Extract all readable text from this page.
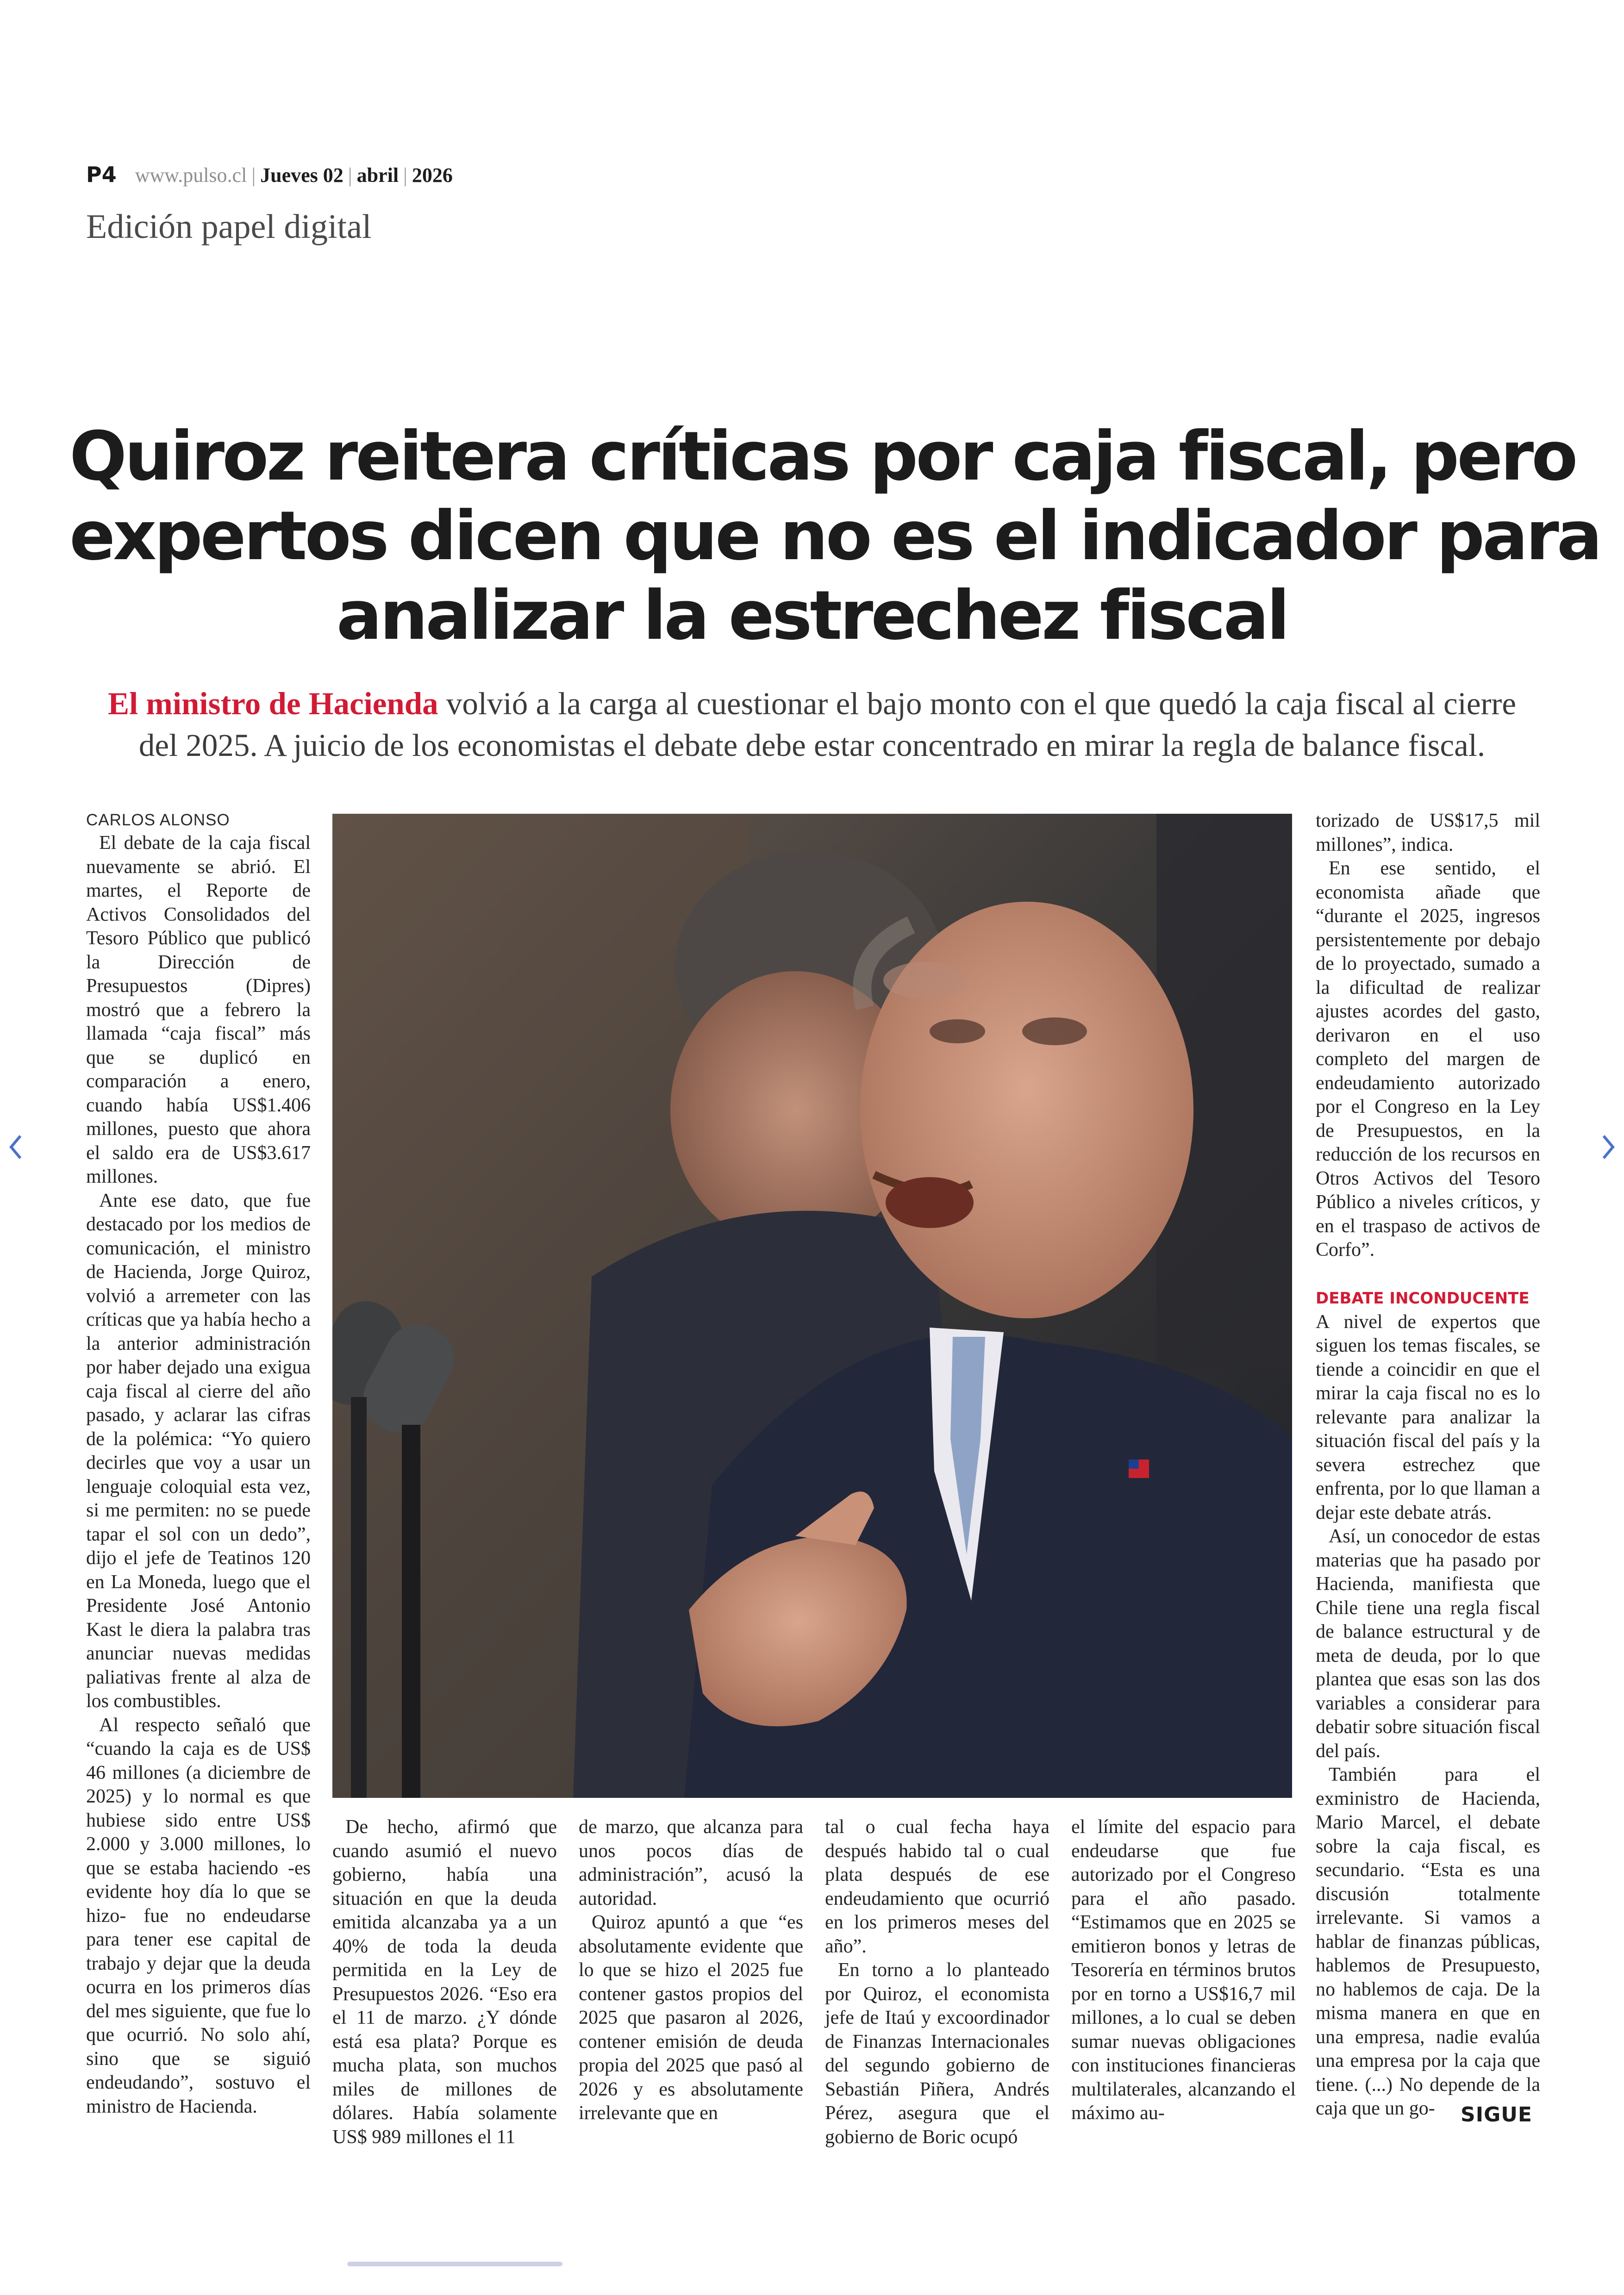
P4 www.pulso.cl | Jueves 02 | abril | 2026
Edición papel digital
Quiroz reitera críticas por caja fiscal, pero
expertos dicen que no es el indicador para
analizar la estrechez fiscal
El ministro de Hacienda volvió a la carga al cuestionar el bajo monto con el que quedó la caja fiscal al cierre
del 2025. A juicio de los economistas el debate debe estar concentrado en mirar la regla de balance fiscal.
CARLOS ALONSO

El debate de la caja fiscal nuevamente se abrió. El martes, el Reporte de Activos Consolidados del Tesoro Público que publicó la Dirección de Presupuestos (Dipres) mostró que a febrero la llamada “caja fiscal” más que se duplicó en comparación a enero, cuando había US$1.406 millones, puesto que ahora el saldo era de US$3.617 millones.

Ante ese dato, que fue destacado por los medios de comunicación, el ministro de Hacienda, Jorge Quiroz, volvió a arremeter con las críticas que ya había hecho a la anterior administración por haber dejado una exigua caja fiscal al cierre del año pasado, y aclarar las cifras de la polémica: “Yo quiero decirles que voy a usar un lenguaje coloquial esta vez, si me permiten: no se puede tapar el sol con un dedo”, dijo el jefe de Teatinos 120 en La Moneda, luego que el Presidente José Antonio Kast le diera la palabra tras anunciar nuevas medidas paliativas frente al alza de los combustibles.

Al respecto señaló que “cuando la caja es de US$ 46 millones (a diciembre de 2025) y lo normal es que hubiese sido entre US$ 2.000 y 3.000 millones, lo que se estaba haciendo -es evidente hoy día lo que se hizo- fue no endeudarse para tener ese capital de trabajo y dejar que la deuda ocurra en los primeros días del mes siguiente, que fue lo que ocurrió. No solo ahí, sino que se siguió endeudando”, sostuvo el ministro de Hacienda.

De hecho, afirmó que cuando asumió el nuevo gobierno, había una situación en que la deuda emitida alcanzaba ya a un 40% de toda la deuda permitida en la Ley de Presupuestos 2026. “Eso era el 11 de marzo. ¿Y dónde está esa plata? Porque es mucha plata, son muchos miles de millones de dólares. Había solamente US$ 989 millones el 11

de marzo, que alcanza para unos pocos días de administración”, acusó la autoridad.

Quiroz apuntó a que “es absolutamente evidente que lo que se hizo el 2025 fue contener gastos propios del 2025 que pasaron al 2026, contener emisión de deuda propia del 2025 que pasó al 2026 y es absolutamente irrelevante que en

tal o cual fecha haya después habido tal o cual plata después de ese endeudamiento que ocurrió en los primeros meses del año”.

En torno a lo planteado por Quiroz, el economista jefe de Itaú y excoordinador de Finanzas Internacionales del segundo gobierno de Sebastián Piñera, Andrés Pérez, asegura que el gobierno de Boric ocupó

el límite del espacio para endeudarse que fue autorizado por el Congreso para el año pasado. “Estimamos que en 2025 se emitieron bonos y letras de Tesorería en términos brutos por en torno a US$16,7 mil millones, a lo cual se deben sumar nuevas obligaciones con instituciones financieras multilaterales, alcanzando el máximo au-

torizado de US$17,5 mil millones”, indica.

En ese sentido, el economista añade que “durante el 2025, ingresos persistentemente por debajo de lo proyectado, sumado a la dificultad de realizar ajustes acordes del gasto, derivaron en el uso completo del margen de endeudamiento autorizado por el Congreso en la Ley de Presupuestos, en la reducción de los recursos en Otros Activos del Tesoro Público a niveles críticos, y en el traspaso de activos de Corfo”.

DEBATE INCONDUCENTE

A nivel de expertos que siguen los temas fiscales, se tiende a coincidir en que el mirar la caja fiscal no es lo relevante para analizar la situación fiscal del país y la severa estrechez que enfrenta, por lo que llaman a dejar este debate atrás.

Así, un conocedor de estas materias que ha pasado por Hacienda, manifiesta que Chile tiene una regla fiscal de balance estructural y de meta de deuda, por lo que plantea que esas son las dos variables a considerar para debatir sobre situación fiscal del país.

También para el exministro de Hacienda, Mario Marcel, el debate sobre la caja fiscal, es secundario. “Esta es una discusión totalmente irrelevante. Si vamos a hablar de finanzas públicas, hablemos de Presupuesto, no hablemos de caja. De la misma manera en que en una empresa, nadie evalúa una empresa por la caja que tiene. (...) No depende de la caja que un go-	SIGUE
